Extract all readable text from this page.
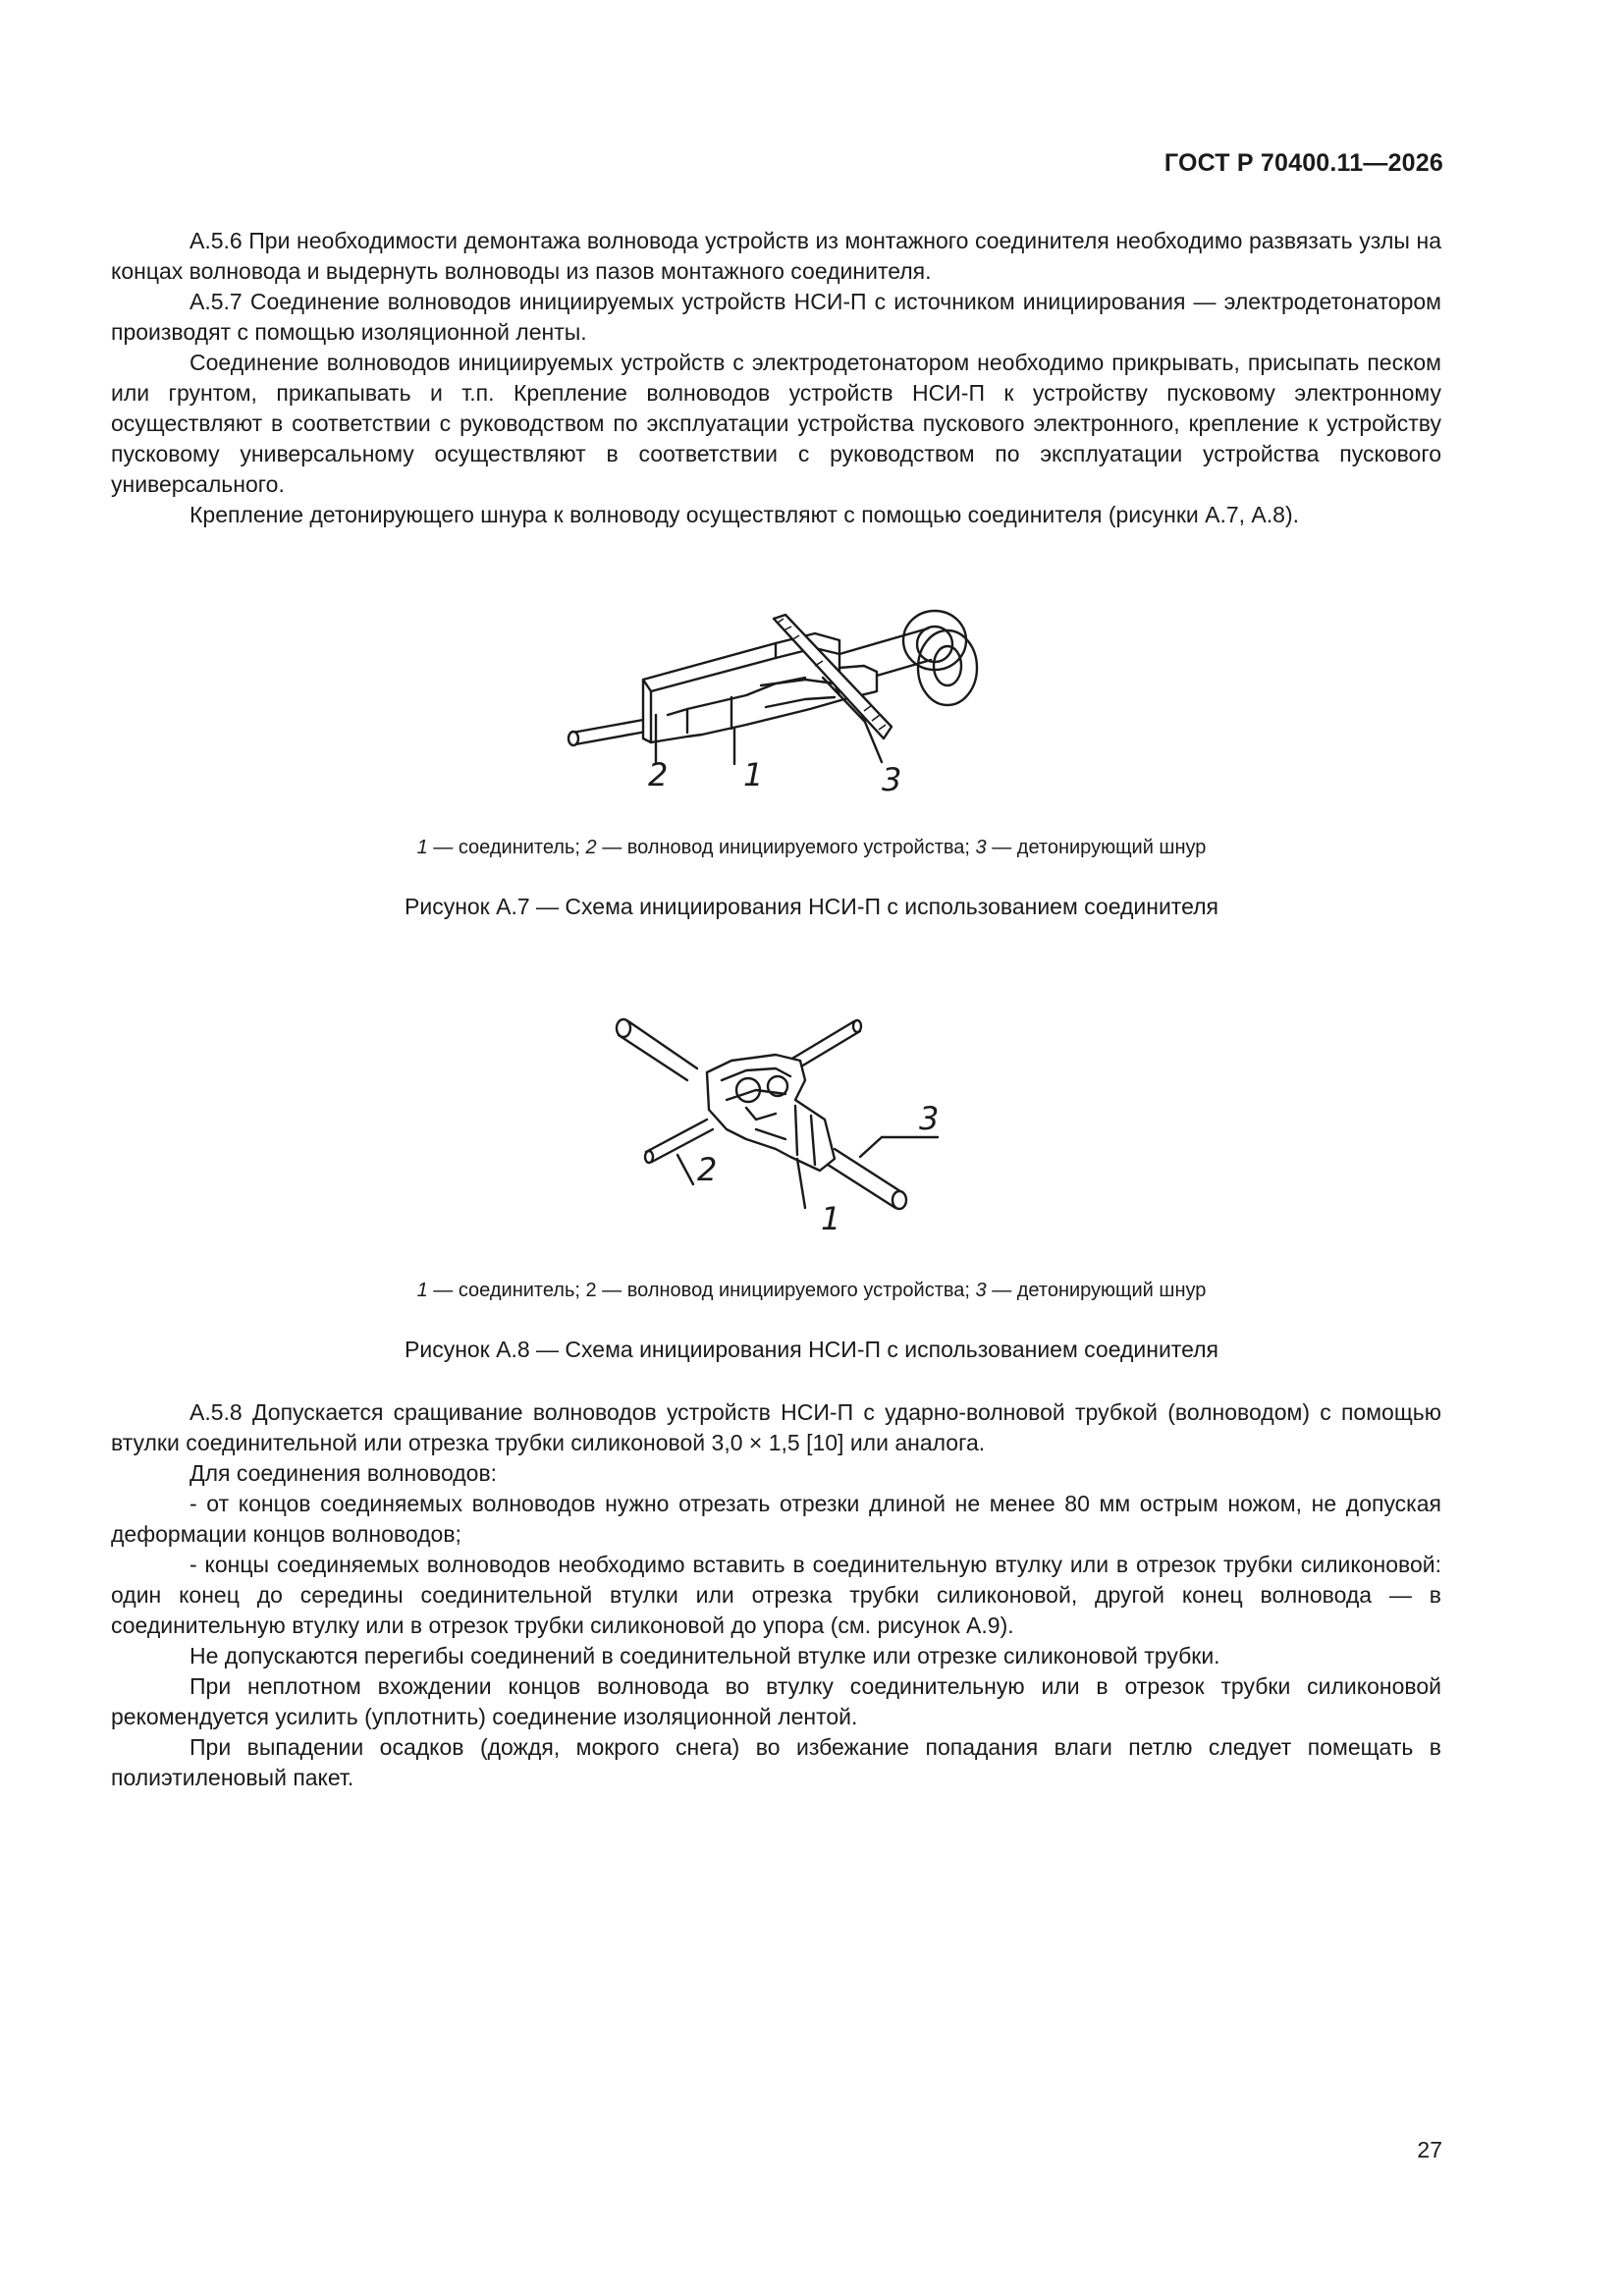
ГОСТ Р 70400.11—2026

А.5.6 При необходимости демонтажа волновода устройств из монтажного соединителя необходимо развязать узлы на концах волновода и выдернуть волноводы из пазов монтажного соединителя.

А.5.7 Соединение волноводов инициируемых устройств НСИ-П с источником инициирования — электродетонатором производят с помощью изоляционной ленты.

Соединение волноводов инициируемых устройств с электродетонатором необходимо прикрывать, присыпать песком или грунтом, прикапывать и т.п. Крепление волноводов устройств НСИ-П к устройству пусковому электронному осуществляют в соответствии с руководством по эксплуатации устройства пускового электронного, крепление к устройству пусковому универсальному осуществляют в соответствии с руководством по эксплуатации устройства пускового универсального.

Крепление детонирующего шнура к волноводу осуществляют с помощью соединителя (рисунки А.7, А.8).

2 1	3
1 — соединитель; 2 — волновод инициируемого устройства; 3 — детонирующий шнур
Рисунок А.7 — Схема инициирования НСИ-П с использованием соединителя
3
2
1
1 — соединитель; 2 — волновод инициируемого устройства; 3 — детонирующий шнур
Рисунок А.8 — Схема инициирования НСИ-П с использованием соединителя

А.5.8 Допускается сращивание волноводов устройств НСИ-П с ударно-волновой трубкой (волноводом) с помощью втулки соединительной или отрезка трубки силиконовой 3,0 × 1,5 [10] или аналога.

Для соединения волноводов:

- от концов соединяемых волноводов нужно отрезать отрезки длиной не менее 80 мм острым ножом, не допуская деформации концов волноводов;

- концы соединяемых волноводов необходимо вставить в соединительную втулку или в отрезок трубки силиконовой: один конец до середины соединительной втулки или отрезка трубки силиконовой, другой конец волновода — в соединительную втулку или в отрезок трубки силиконовой до упора (см. рисунок А.9).

Не допускаются перегибы соединений в соединительной втулке или отрезке силиконовой трубки.

При неплотном вхождении концов волновода во втулку соединительную или в отрезок трубки силиконовой рекомендуется усилить (уплотнить) соединение изоляционной лентой.

При выпадении осадков (дождя, мокрого снега) во избежание попадания влаги петлю следует помещать в полиэтиленовый пакет.

27
